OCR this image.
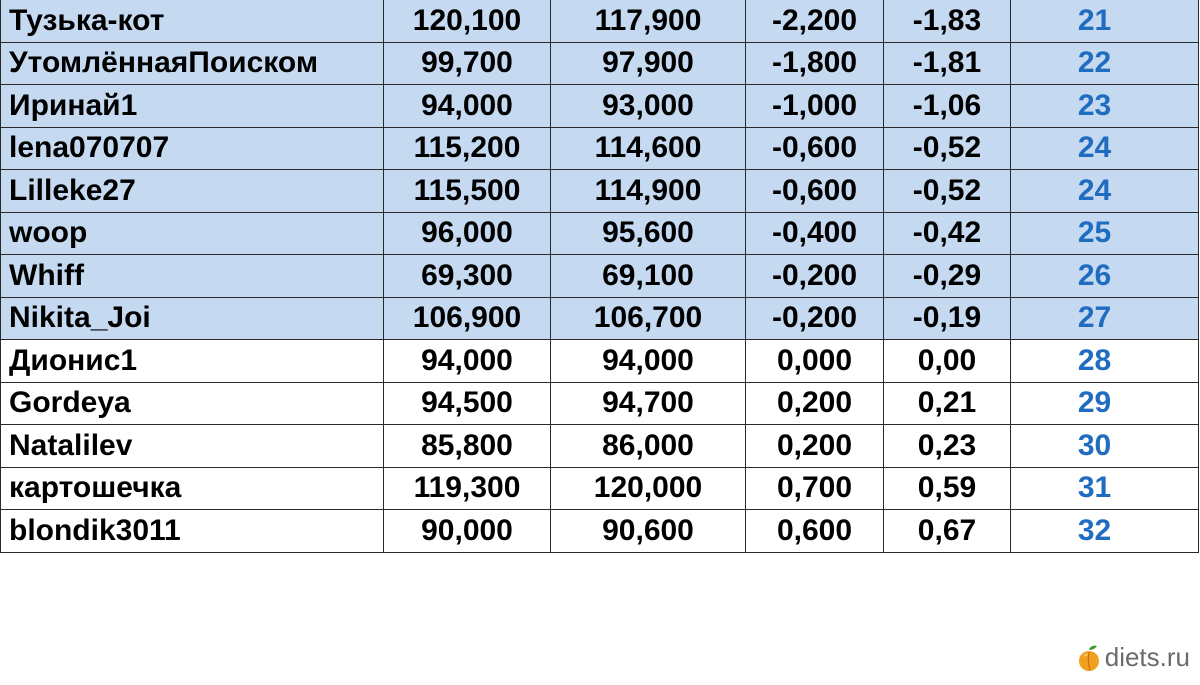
Тузька-кот	120,100	117,900	-2,200	-1,83	21
УтомлённаяПоиском	99,700	97,900	-1,800	-1,81	22
Иринай1	94,000	93,000	-1,000	-1,06	23
lena070707	115,200	114,600	-0,600	-0,52	24
Lilleke27	115,500	114,900	-0,600	-0,52	24
woop	96,000	95,600	-0,400	-0,42	25
Whiff	69,300	69,100	-0,200	-0,29	26
Nikita_Joi	106,900	106,700	-0,200	-0,19	27
Дионис1	94,000	94,000	0,000	0,00	28
Gordeya	94,500	94,700	0,200	0,21	29
Natalilev	85,800	86,000	0,200	0,23	30
картошечка	119,300	120,000	0,700	0,59	31
blondik3011	90,000	90,600	0,600	0,67	32
diets.ru
